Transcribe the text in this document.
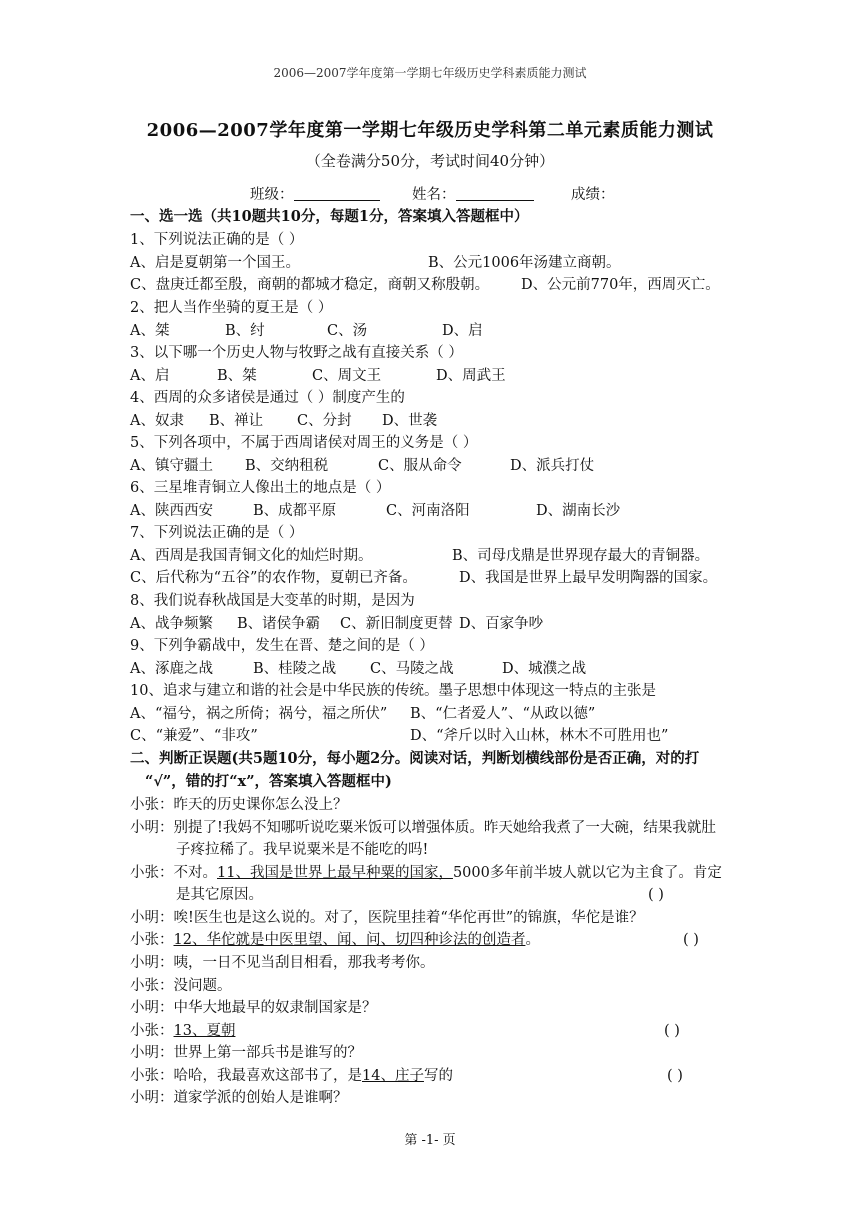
2006—2007学年度第一学期七年级历史学科素质能力测试
2006—2007学年度第一学期七年级历史学科第二单元素质能力测试
（全卷满分50分，考试时间40分钟）
班级：	姓名：	成绩：
一、选一选（共10题共10分，每题1分，答案填入答题框中）
1、下列说法正确的是（ ）
A、启是夏朝第一个国王。	B、公元1006年汤建立商朝。
C、盘庚迁都至殷，商朝的都城才稳定，商朝又称殷朝。 D、公元前770年，西周灭亡。
2、把人当作坐骑的夏王是（ ）
A、桀	B、纣	C、汤	D、启
3、以下哪一个历史人物与牧野之战有直接关系（ ）
A、启	B、桀	C、周文王	D、周武王
4、西周的众多诸侯是通过（ ）制度产生的
A、奴隶 B、禅让 C、分封 D、世袭
5、下列各项中，不属于西周诸侯对周王的义务是（ ）
A、镇守疆土 B、交纳租税	C、服从命令	D、派兵打仗
6、三星堆青铜立人像出土的地点是（ ）
A、陕西西安	B、成都平原	C、河南洛阳	D、湖南长沙
7、下列说法正确的是（ ）
A、西周是我国青铜文化的灿烂时期。	B、司母戊鼎是世界现存最大的青铜器。
C、后代称为“五谷”的农作物，夏朝已齐备。	D、我国是世界上最早发明陶器的国家。
8、我们说春秋战国是大变革的时期，是因为
A、战争频繁 B、诸侯争霸 C、新旧制度更替 D、百家争吵
9、下列争霸战中，发生在晋、楚之间的是（ ）
A、涿鹿之战	B、桂陵之战 C、马陵之战	D、城濮之战
10、追求与建立和谐的社会是中华民族的传统。墨子思想中体现这一特点的主张是
A、“福兮，祸之所倚；祸兮，福之所伏” B、“仁者爱人”、“从政以德”
C、“兼爱”、“非攻”	D、“斧斤以时入山林，林木不可胜用也”
二、判断正误题(共5题10分，每小题2分。阅读对话，判断划横线部份是否正确，对的打
“√”，错的打“x”，答案填入答题框中)
小张：昨天的历史课你怎么没上？
小明：别提了!我妈不知哪听说吃粟米饭可以增强体质。昨天她给我煮了一大碗，结果我就肚
子疼拉稀了。我早说粟米是不能吃的吗!
小张：不对。11、我国是世界上最早种粟的国家，5000多年前半坡人就以它为主食了。肯定
是其它原因。	( )
小明：唉!医生也是这么说的。对了，医院里挂着“华佗再世”的锦旗，华佗是谁？
小张：12、华佗就是中医里望、闻、问、切四种诊法的创造者。	( )
小明：咦，一日不见当刮目相看，那我考考你。
小张：没问题。
小明：中华大地最早的奴隶制国家是？
小张：13、夏朝	( )
小明：世界上第一部兵书是谁写的？
小张：哈哈，我最喜欢这部书了，是14、庄子写的	( )
小明：道家学派的创始人是谁啊？
第 -1- 页
